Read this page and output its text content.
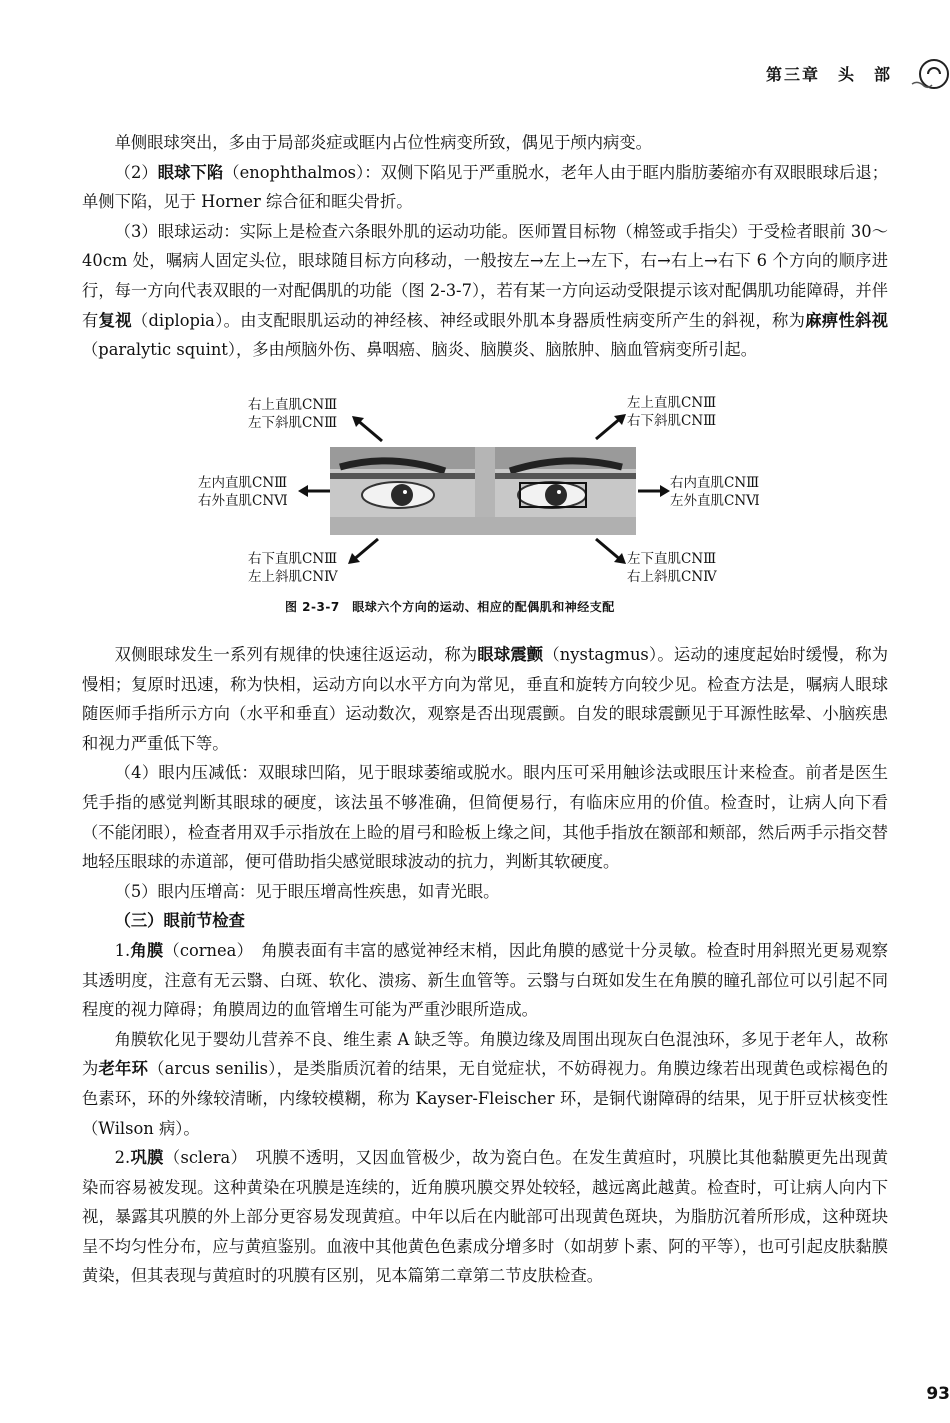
第三章　头　部

单侧眼球突出，多由于局部炎症或眶内占位性病变所致，偶见于颅内病变。

（2）眼球下陷（enophthalmos）：双侧下陷见于严重脱水，老年人由于眶内脂肪萎缩亦有双眼眼球后退；单侧下陷，见于 Horner 综合征和眶尖骨折。

（3）眼球运动：实际上是检查六条眼外肌的运动功能。医师置目标物（棉签或手指尖）于受检者眼前 30～40cm 处，嘱病人固定头位，眼球随目标方向移动，一般按左→左上→左下，右→右上→右下 6 个方向的顺序进行，每一方向代表双眼的一对配偶肌的功能（图 2-3-7），若有某一方向运动受限提示该对配偶肌功能障碍，并伴有复视（diplopia）。由支配眼肌运动的神经核、神经或眼外肌本身器质性病变所产生的斜视，称为麻痹性斜视（paralytic squint），多由颅脑外伤、鼻咽癌、脑炎、脑膜炎、脑脓肿、脑血管病变所引起。

右上直肌CNⅢ
左下斜肌CNⅢ
左上直肌CNⅢ
右下斜肌CNⅢ
左内直肌CNⅢ
右外直肌CNⅥ
右内直肌CNⅢ
左外直肌CNⅥ
右下直肌CNⅢ
左上斜肌CNⅣ
左下直肌CNⅢ
右上斜肌CNⅣ
图 2-3-7　眼球六个方向的运动、相应的配偶肌和神经支配

双侧眼球发生一系列有规律的快速往返运动，称为眼球震颤（nystagmus）。运动的速度起始时缓慢，称为慢相；复原时迅速，称为快相，运动方向以水平方向为常见，垂直和旋转方向较少见。检查方法是，嘱病人眼球随医师手指所示方向（水平和垂直）运动数次，观察是否出现震颤。自发的眼球震颤见于耳源性眩晕、小脑疾患和视力严重低下等。

（4）眼内压减低：双眼球凹陷，见于眼球萎缩或脱水。眼内压可采用触诊法或眼压计来检查。前者是医生凭手指的感觉判断其眼球的硬度，该法虽不够准确，但简便易行，有临床应用的价值。检查时，让病人向下看（不能闭眼），检查者用双手示指放在上睑的眉弓和睑板上缘之间，其他手指放在额部和颊部，然后两手示指交替地轻压眼球的赤道部，便可借助指尖感觉眼球波动的抗力，判断其软硬度。

（5）眼内压增高：见于眼压增高性疾患，如青光眼。

（三）眼前节检查

1.角膜（cornea）　角膜表面有丰富的感觉神经末梢，因此角膜的感觉十分灵敏。检查时用斜照光更易观察其透明度，注意有无云翳、白斑、软化、溃疡、新生血管等。云翳与白斑如发生在角膜的瞳孔部位可以引起不同程度的视力障碍；角膜周边的血管增生可能为严重沙眼所造成。

角膜软化见于婴幼儿营养不良、维生素 A 缺乏等。角膜边缘及周围出现灰白色混浊环，多见于老年人，故称为老年环（arcus senilis），是类脂质沉着的结果，无自觉症状，不妨碍视力。角膜边缘若出现黄色或棕褐色的色素环，环的外缘较清晰，内缘较模糊，称为 Kayser-Fleischer 环，是铜代谢障碍的结果，见于肝豆状核变性（Wilson 病）。

2.巩膜（sclera）　巩膜不透明，又因血管极少，故为瓷白色。在发生黄疸时，巩膜比其他黏膜更先出现黄染而容易被发现。这种黄染在巩膜是连续的，近角膜巩膜交界处较轻，越远离此越黄。检查时，可让病人向内下视，暴露其巩膜的外上部分更容易发现黄疸。中年以后在内眦部可出现黄色斑块，为脂肪沉着所形成，这种斑块呈不均匀性分布，应与黄疸鉴别。血液中其他黄色色素成分增多时（如胡萝卜素、阿的平等），也可引起皮肤黏膜黄染，但其表现与黄疸时的巩膜有区别，见本篇第二章第二节皮肤检查。

93
